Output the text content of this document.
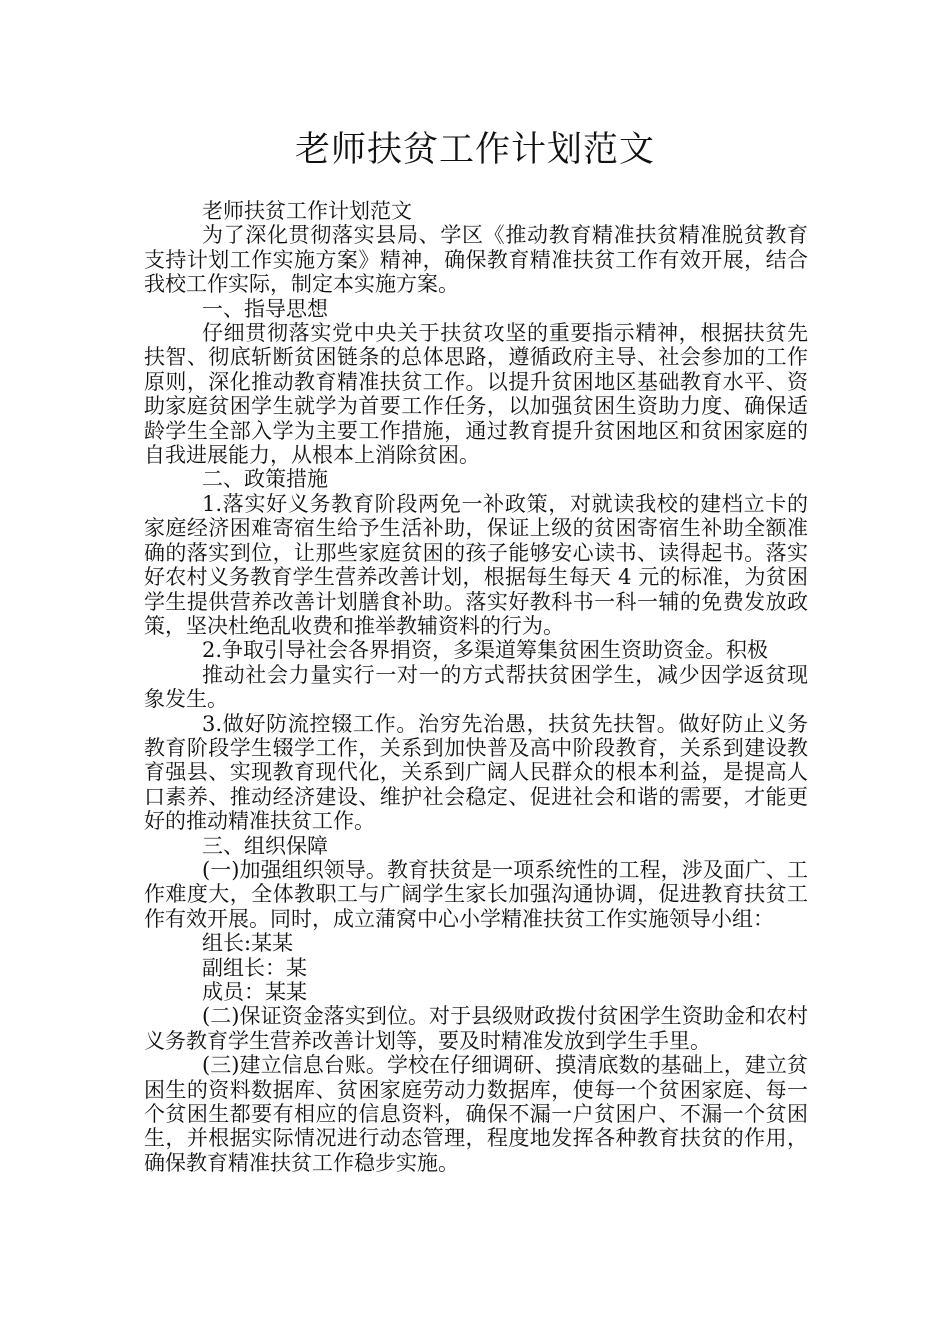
老师扶贫工作计划范文

老师扶贫工作计划范文

为了深化贯彻落实县局、学区《推动教育精准扶贫精准脱贫教育支持计划工作实施方案》精神，确保教育精准扶贫工作有效开展，结合我校工作实际，制定本实施方案。

一、指导思想

仔细贯彻落实党中央关于扶贫攻坚的重要指示精神，根据扶贫先扶智、彻底斩断贫困链条的总体思路，遵循政府主导、社会参加的工作原则，深化推动教育精准扶贫工作。以提升贫困地区基础教育水平、资助家庭贫困学生就学为首要工作任务，以加强贫困生资助力度、确保适龄学生全部入学为主要工作措施，通过教育提升贫困地区和贫困家庭的自我进展能力，从根本上消除贫困。

二、政策措施

1.落实好义务教育阶段两免一补政策，对就读我校的建档立卡的家庭经济困难寄宿生给予生活补助，保证上级的贫困寄宿生补助全额准确的落实到位，让那些家庭贫困的孩子能够安心读书、读得起书。落实好农村义务教育学生营养改善计划，根据每生每天 4 元的标准，为贫困学生提供营养改善计划膳食补助。落实好教科书一科一辅的免费发放政策，坚决杜绝乱收费和推举教辅资料的行为。

2.争取引导社会各界捐资，多渠道筹集贫困生资助资金。积极

推动社会力量实行一对一的方式帮扶贫困学生，减少因学返贫现象发生。

3.做好防流控辍工作。治穷先治愚，扶贫先扶智。做好防止义务教育阶段学生辍学工作，关系到加快普及高中阶段教育，关系到建设教育强县、实现教育现代化，关系到广阔人民群众的根本利益，是提高人口素养、推动经济建设、维护社会稳定、促进社会和谐的需要，才能更好的推动精准扶贫工作。

三、组织保障

(一)加强组织领导。教育扶贫是一项系统性的工程，涉及面广、工作难度大，全体教职工与广阔学生家长加强沟通协调，促进教育扶贫工作有效开展。同时，成立蒲窝中心小学精准扶贫工作实施领导小组：

组长:某某

副组长：某

成员：某某

(二)保证资金落实到位。对于县级财政拨付贫困学生资助金和农村义务教育学生营养改善计划等，要及时精准发放到学生手里。

(三)建立信息台账。学校在仔细调研、摸清底数的基础上，建立贫困生的资料数据库、贫困家庭劳动力数据库，使每一个贫困家庭、每一个贫困生都要有相应的信息资料，确保不漏一户贫困户、不漏一个贫困生，并根据实际情况进行动态管理，程度地发挥各种教育扶贫的作用，确保教育精准扶贫工作稳步实施。
